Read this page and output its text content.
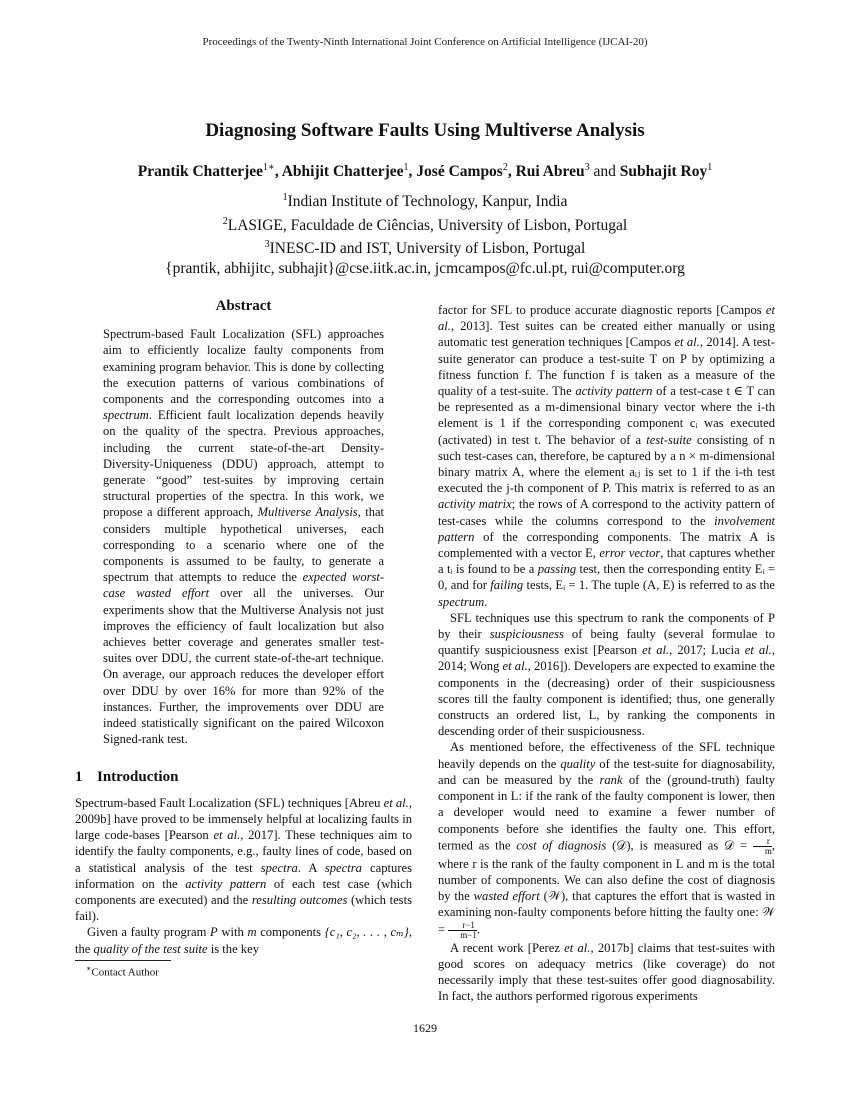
Proceedings of the Twenty-Ninth International Joint Conference on Artificial Intelligence (IJCAI-20)
Diagnosing Software Faults Using Multiverse Analysis
Prantik Chatterjee$^{1∗}$, Abhijit Chatterjee$^1$, José Campos$^2$, Rui Abreu$^3$ and Subhajit Roy$^1$
$^1$Indian Institute of Technology, Kanpur, India
$^2$LASIGE, Faculdade de Ciências, University of Lisbon, Portugal
$^3$INESC-ID and IST, University of Lisbon, Portugal
{prantik, abhijitc, subhajit}@cse.iitk.ac.in, jcmcampos@fc.ul.pt, rui@computer.org
Abstract
Spectrum-based Fault Localization (SFL) approaches aim to efficiently localize faulty components from examining program behavior. This is done by collecting the execution patterns of various combinations of components and the corresponding outcomes into a spectrum. Efficient fault localization depends heavily on the quality of the spectra. Previous approaches, including the current state-of-the-art Density- Diversity-Uniqueness (DDU) approach, attempt to generate “good” test-suites by improving certain structural properties of the spectra. In this work, we propose a different approach, Multiverse Analysis, that considers multiple hypothetical universes, each corresponding to a scenario where one of the components is assumed to be faulty, to generate a spectrum that attempts to reduce the expected worst-case wasted effort over all the universes. Our experiments show that the Multiverse Analysis not just improves the efficiency of fault localization but also achieves better coverage and generates smaller test-suites over DDU, the current state-of-the-art technique. On average, our approach reduces the developer effort over DDU by over 16% for more than 92% of the instances. Further, the improvements over DDU are indeed statistically significant on the paired Wilcoxon Signed-rank test.
1 Introduction

Spectrum-based Fault Localization (SFL) techniques [Abreu et al., 2009b] have proved to be immensely helpful at localizing faults in large code-bases [Pearson et al., 2017]. These techniques aim to identify the faulty components, e.g., faulty lines of code, based on a statistical analysis of the test spectra. A spectra captures information on the activity pattern of each test case (which components are executed) and the resulting outcomes (which tests fail).

Given a faulty program P with m components {c₁, c₂, . . . , cₘ}, the quality of the test suite is the key

∗Contact Author

factor for SFL to produce accurate diagnostic reports [Campos et al., 2013]. Test suites can be created either manually or using automatic test generation techniques [Campos et al., 2014]. A test-suite generator can produce a test-suite T on P by optimizing a fitness function f. The function f is taken as a measure of the quality of a test-suite. The activity pattern of a test-case t ∈ T can be represented as a m-dimensional binary vector where the i-th element is 1 if the corresponding component cᵢ was executed (activated) in test t. The behavior of a test-suite consisting of n such test-cases can, therefore, be captured by a n × m-dimensional binary matrix A, where the element aᵢⱼ is set to 1 if the i-th test executed the j-th component of P. This matrix is referred to as an activity matrix; the rows of A correspond to the activity pattern of test-cases while the columns correspond to the involvement pattern of the corresponding components. The matrix A is complemented with a vector E, error vector, that captures whether a tᵢ is found to be a passing test, then the corresponding entity Eᵢ = 0, and for failing tests, Eᵢ = 1. The tuple (A, E) is referred to as the spectrum.

SFL techniques use this spectrum to rank the components of P by their suspiciousness of being faulty (several formulae to quantify suspiciousness exist [Pearson et al., 2017; Lucia et al., 2014; Wong et al., 2016]). Developers are expected to examine the components in the (decreasing) order of their suspiciousness scores till the faulty component is identified; thus, one generally constructs an ordered list, L, by ranking the components in descending order of their suspiciousness.

As mentioned before, the effectiveness of the SFL technique heavily depends on the quality of the test-suite for diagnosability, and can be measured by the rank of the (ground-truth) faulty component in L: if the rank of the faulty component is lower, then a developer would need to examine a fewer number of components before she identifies the faulty one. This effort, termed as the cost of diagnosis (𝒟), is measured as 𝒟 = $\frac{r}{m}$ , where r is the rank of the faulty component in L and m is the total number of components. We can also define the cost of diagnosis by the wasted effort (𝒲), that captures the effort that is wasted in examining non-faulty components before hitting the faulty one: 𝒲 = $\frac{r-1}{m-1}$ .

A recent work [Perez et al., 2017b] claims that test-suites with good scores on adequacy metrics (like coverage) do not necessarily imply that these test-suites offer good diagnosability. In fact, the authors performed rigorous experiments

1629
